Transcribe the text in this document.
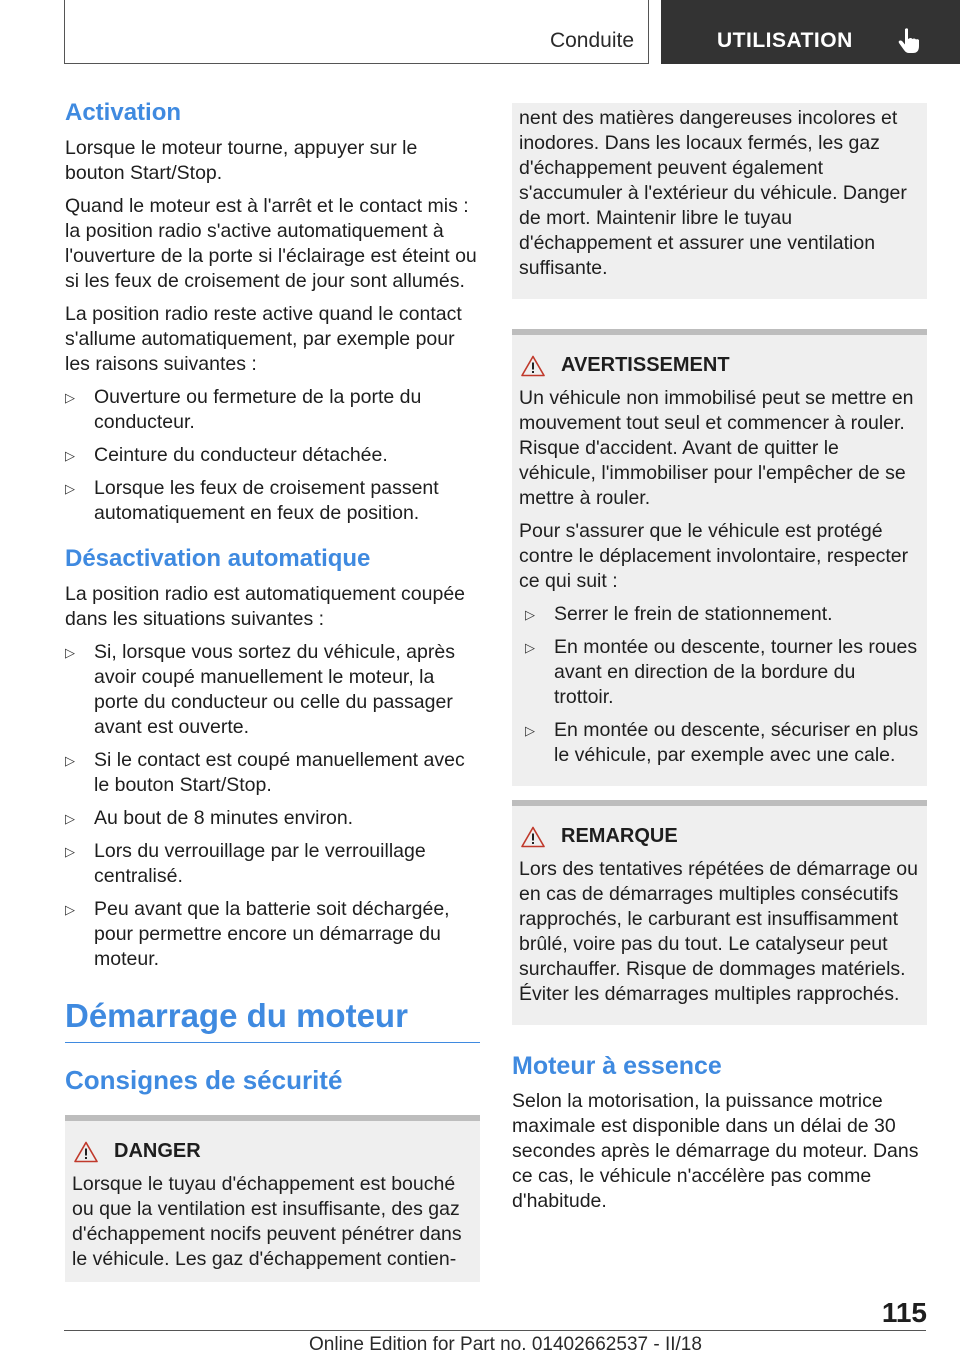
Conduite	UTILISATION
Activation

Lorsque le moteur tourne, appuyer sur le bouton Start/Stop.

Quand le moteur est à l'arrêt et le contact mis : la position radio s'active automatiquement à l'ouverture de la porte si l'éclairage est éteint ou si les feux de croisement de jour sont allumés.

La position radio reste active quand le contact s'allume automatiquement, par exemple pour les raisons suivantes :

▷ Ouverture ou fermeture de la porte du conducteur.
▷ Ceinture du conducteur détachée.
▷ Lorsque les feux de croisement passent automatiquement en feux de position.
Désactivation automatique

La position radio est automatiquement coupée dans les situations suivantes :

▷ Si, lorsque vous sortez du véhicule, après avoir coupé manuellement le moteur, la porte du conducteur ou celle du passager avant est ouverte.
▷ Si le contact est coupé manuellement avec le bouton Start/Stop.
▷ Au bout de 8 minutes environ.
▷ Lors du verrouillage par le verrouillage centralisé.
▷ Peu avant que la batterie soit déchargée, pour permettre encore un démarrage du moteur.
Démarrage du moteur
Consignes de sécurité
DANGER

Lorsque le tuyau d'échappement est bouché ou que la ventilation est insuffisante, des gaz d'échappement nocifs peuvent pénétrer dans le véhicule. Les gaz d'échappement contien-

nent des matières dangereuses incolores et inodores. Dans les locaux fermés, les gaz d'échappement peuvent également s'accumuler à l'extérieur du véhicule. Danger de mort. Maintenir libre le tuyau d'échappement et assurer une ventilation suffisante.

AVERTISSEMENT

Un véhicule non immobilisé peut se mettre en mouvement tout seul et commencer à rouler. Risque d'accident. Avant de quitter le véhicule, l'immobiliser pour l'empêcher de se mettre à rouler.

Pour s'assurer que le véhicule est protégé contre le déplacement involontaire, respecter ce qui suit :

▷ Serrer le frein de stationnement.
▷ En montée ou descente, tourner les roues avant en direction de la bordure du trottoir.
▷ En montée ou descente, sécuriser en plus le véhicule, par exemple avec une cale.
REMARQUE

Lors des tentatives répétées de démarrage ou en cas de démarrages multiples consécutifs rapprochés, le carburant est insuffisamment brûlé, voire pas du tout. Le catalyseur peut surchauffer. Risque de dommages matériels. Éviter les démarrages multiples rapprochés.

Moteur à essence

Selon la motorisation, la puissance motrice maximale est disponible dans un délai de 30 secondes après le démarrage du moteur. Dans ce cas, le véhicule n'accélère pas comme d'habitude.

115
Online Edition for Part no. 01402662537 - II/18
